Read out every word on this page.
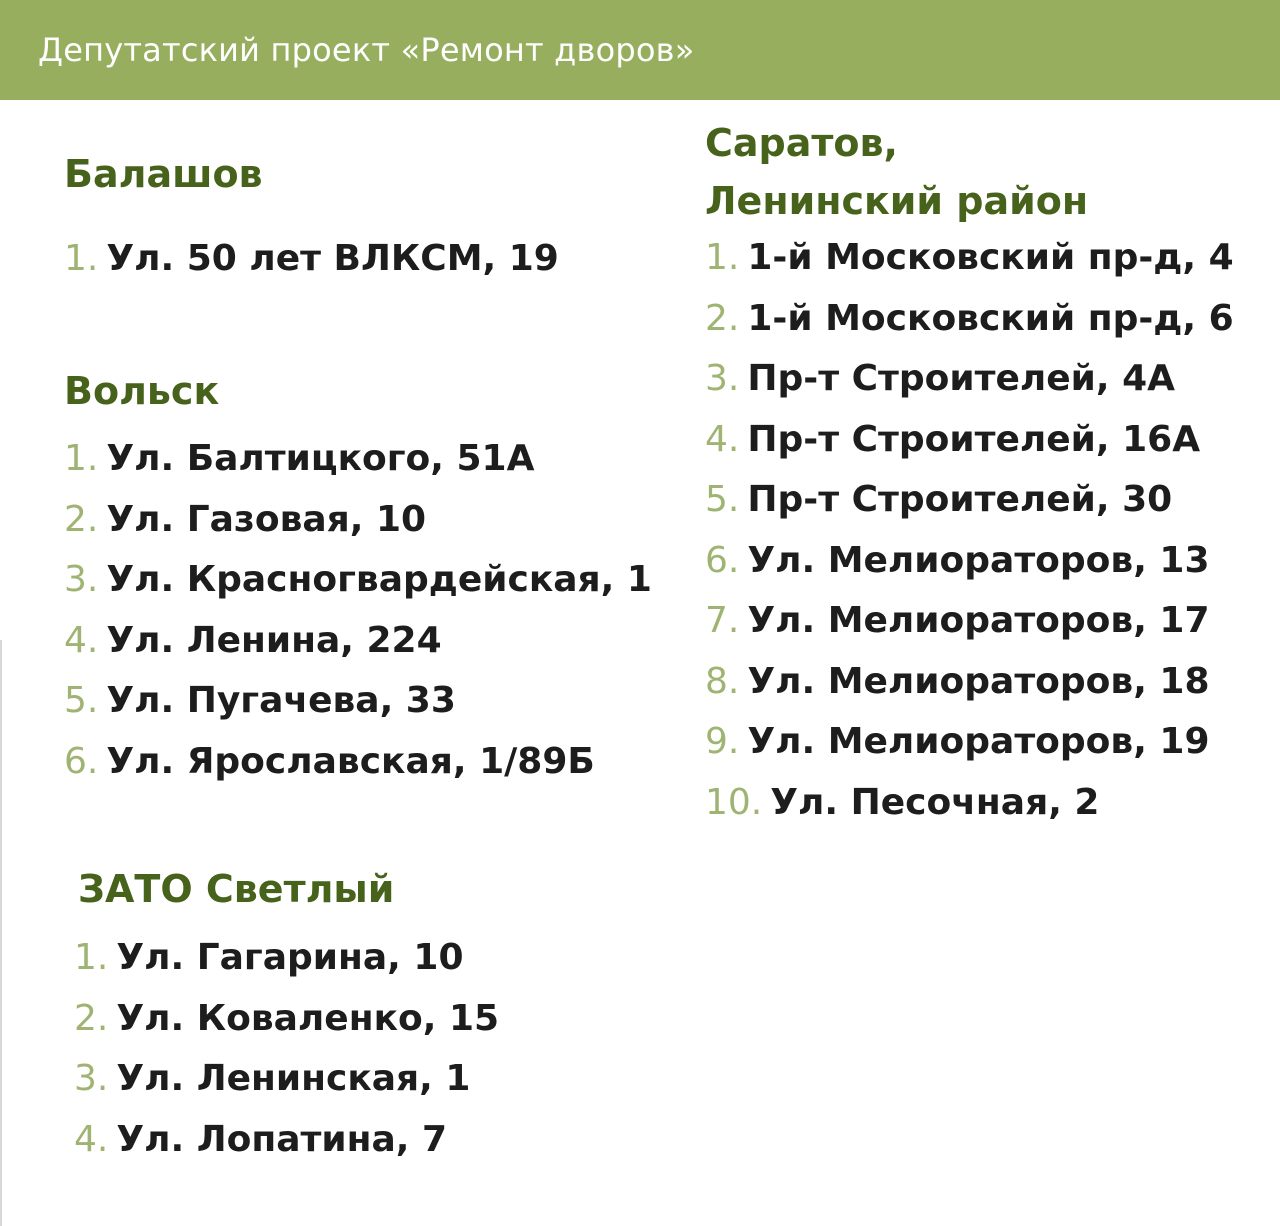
Депутатский проект «Ремонт дворов»
Балашов
1. Ул. 50 лет ВЛКСМ, 19
Вольск
1. Ул. Балтицкого, 51А
2. Ул. Газовая, 10
3. Ул. Красногвардейская, 1
4. Ул. Ленина, 224
5. Ул. Пугачева, 33
6. Ул. Ярославская, 1/89Б
ЗАТО Светлый
1. Ул. Гагарина, 10
2. Ул. Коваленко, 15
3. Ул. Ленинская, 1
4. Ул. Лопатина, 7
Саратов,
Ленинский район
1. 1-й Московский пр-д, 4
2. 1-й Московский пр-д, 6
3. Пр-т Строителей, 4А
4. Пр-т Строителей, 16А
5. Пр-т Строителей, 30
6. Ул. Мелиораторов, 13
7. Ул. Мелиораторов, 17
8. Ул. Мелиораторов, 18
9. Ул. Мелиораторов, 19
10. Ул. Песочная, 2
